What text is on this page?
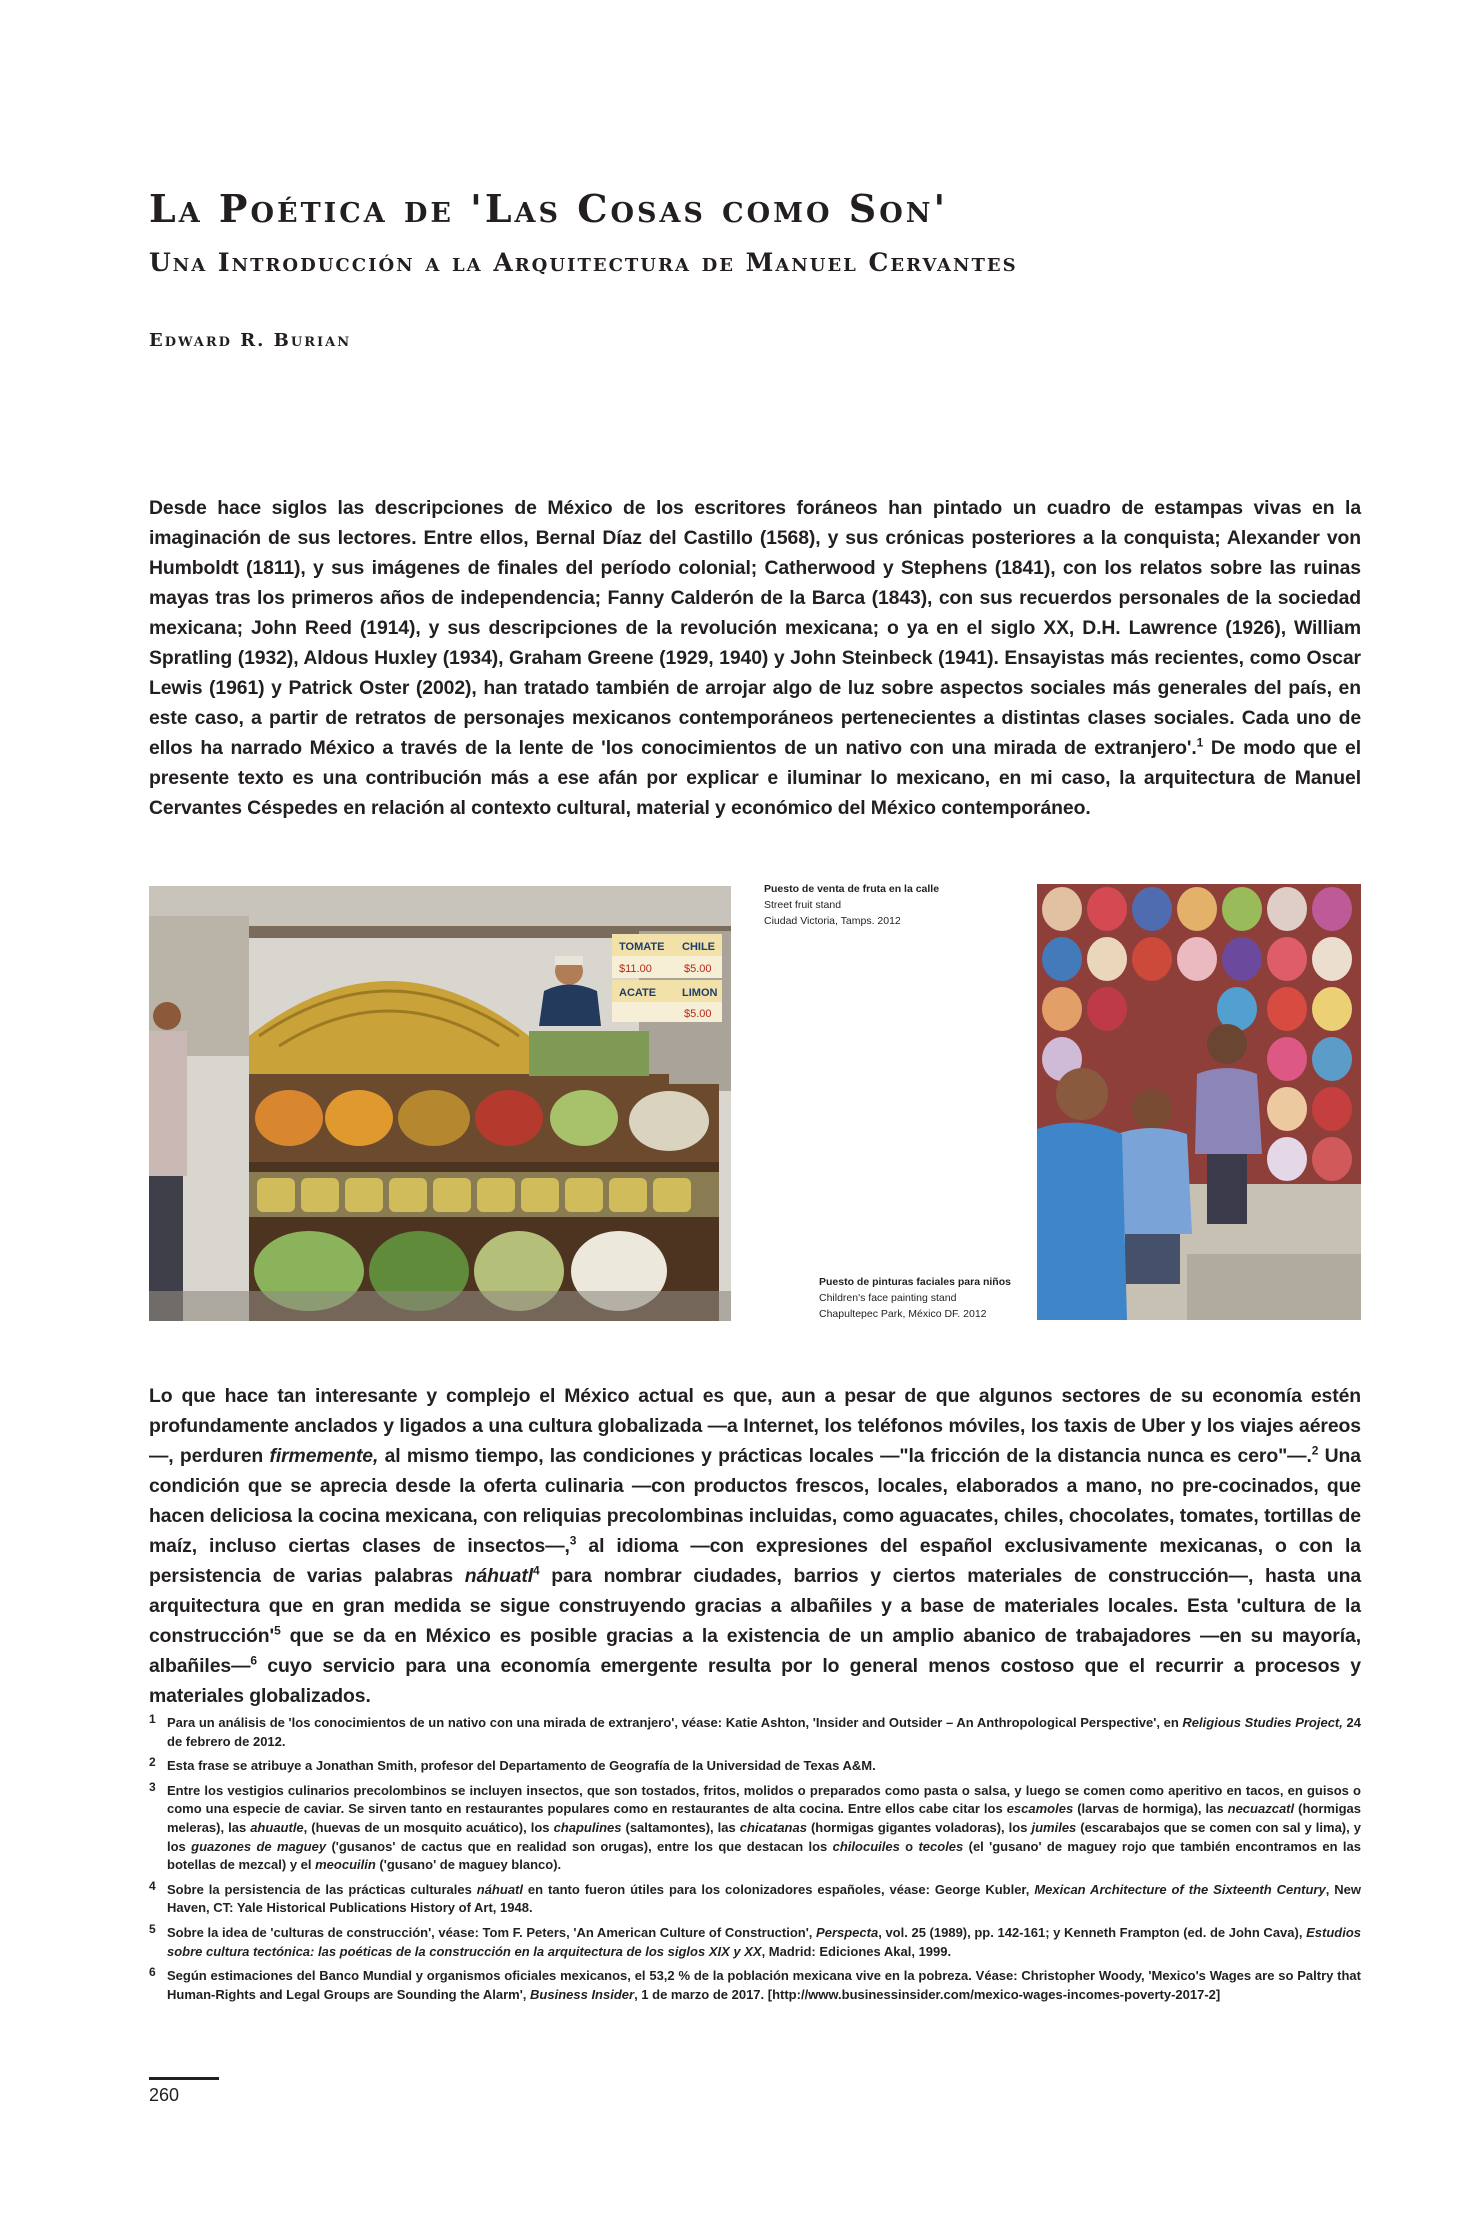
La Poética de 'Las Cosas como Son'
Una Introducción a la Arquitectura de Manuel Cervantes
Edward R. Burian

Desde hace siglos las descripciones de México de los escritores foráneos han pintado un cuadro de estampas vivas en la imaginación de sus lectores. Entre ellos, Bernal Díaz del Castillo (1568), y sus crónicas posteriores a la conquista; Alexander von Humboldt (1811), y sus imágenes de finales del período colonial; Catherwood y Stephens (1841), con los relatos sobre las ruinas mayas tras los primeros años de independencia; Fanny Calderón de la Barca (1843), con sus recuerdos personales de la sociedad mexicana; John Reed (1914), y sus descripciones de la revolución mexicana; o ya en el siglo XX, D.H. Lawrence (1926), William Spratling (1932), Aldous Huxley (1934), Graham Greene (1929, 1940) y John Steinbeck (1941). Ensayistas más recientes, como Oscar Lewis (1961) y Patrick Oster (2002), han tratado también de arrojar algo de luz sobre aspectos sociales más generales del país, en este caso, a partir de retratos de personajes mexicanos contemporáneos pertenecientes a distintas clases sociales. Cada uno de ellos ha narrado México a través de la lente de 'los conocimientos de un nativo con una mirada de extranjero'.$^1$ De modo que el presente texto es una contribución más a ese afán por explicar e iluminar lo mexicano, en mi caso, la arquitectura de Manuel Cervantes Céspedes en relación al contexto cultural, material y económico del México contemporáneo.

TOMATE CHILE
$11.00	$5.00
ACATE LIMON
$5.00
Puesto de venta de fruta en la calle
Street fruit stand
Ciudad Victoria, Tamps. 2012
Puesto de pinturas faciales para niños
Children's face painting stand
Chapultepec Park, México DF. 2012

Lo que hace tan interesante y complejo el México actual es que, aun a pesar de que algunos sectores de su economía estén profundamente anclados y ligados a una cultura globalizada —a Internet, los teléfonos móviles, los taxis de Uber y los viajes aéreos—, perduren firmemente, al mismo tiempo, las condiciones y prácticas locales —"la fricción de la distancia nunca es cero"—.$^2$ Una condición que se aprecia desde la oferta culinaria —con productos frescos, locales, elaborados a mano, no pre-cocinados, que hacen deliciosa la cocina mexicana, con reliquias precolombinas incluidas, como aguacates, chiles, chocolates, tomates, tortillas de maíz, incluso ciertas clases de insectos—,$^3$ al idioma —con expresiones del español exclusivamente mexicanas, o con la persistencia de varias palabras náhuatl$^4$ para nombrar ciudades, barrios y ciertos materiales de construcción—, hasta una arquitectura que en gran medida se sigue construyendo gracias a albañiles y a base de materiales locales. Esta 'cultura de la $construcción'^5$ que se da en México es posible gracias a la existencia de un amplio abanico de trabajadores —en su mayoría, albañiles—$^6$ cuyo servicio para una economía emergente resulta por lo general menos costoso que el recurrir a procesos y materiales globalizados.

1 Para un análisis de 'los conocimientos de un nativo con una mirada de extranjero', véase: Katie Ashton, 'Insider and Outsider – An Anthropological Perspective', en Religious Studies Project, 24 de febrero de 2012.
2 Esta frase se atribuye a Jonathan Smith, profesor del Departamento de Geografía de la Universidad de Texas A&M.
3 Entre los vestigios culinarios precolombinos se incluyen insectos, que son tostados, fritos, molidos o preparados como pasta o salsa, y luego se comen como aperitivo en tacos, en guisos o como una especie de caviar. Se sirven tanto en restaurantes populares como en restaurantes de alta cocina. Entre ellos cabe citar los escamoles (larvas de hormiga), las necuazcatl (hormigas meleras), las ahuautle, (huevas de un mosquito acuático), los chapulines (saltamontes), las chicatanas (hormigas gigantes voladoras), los jumiles (escarabajos que se comen con sal y lima), y los guazones de maguey ('gusanos' de cactus que en realidad son orugas), entre los que destacan los chilocuiles o tecoles (el 'gusano' de maguey rojo que también encontramos en las botellas de mezcal) y el meocuilin ('gusano' de maguey blanco).
4 Sobre la persistencia de las prácticas culturales náhuatl en tanto fueron útiles para los colonizadores españoles, véase: George Kubler, Mexican Architecture of the Sixteenth Century, New Haven, CT: Yale Historical Publications History of Art, 1948.
5 Sobre la idea de 'culturas de construcción', véase: Tom F. Peters, 'An American Culture of Construction', Perspecta, vol. 25 (1989), pp. 142-161; y Kenneth Frampton (ed. de John Cava), Estudios sobre cultura tectónica: las poéticas de la construcción en la arquitectura de los siglos XIX y XX, Madrid: Ediciones Akal, 1999.
6 Según estimaciones del Banco Mundial y organismos oficiales mexicanos, el 53,2 % de la población mexicana vive en la pobreza. Véase: Christopher Woody, 'Mexico's Wages are so Paltry that Human-Rights and Legal Groups are Sounding the Alarm', Business Insider, 1 de marzo de 2017. [http://www.businessinsider.com/mexico-wages-incomes-poverty-2017-2]
260
